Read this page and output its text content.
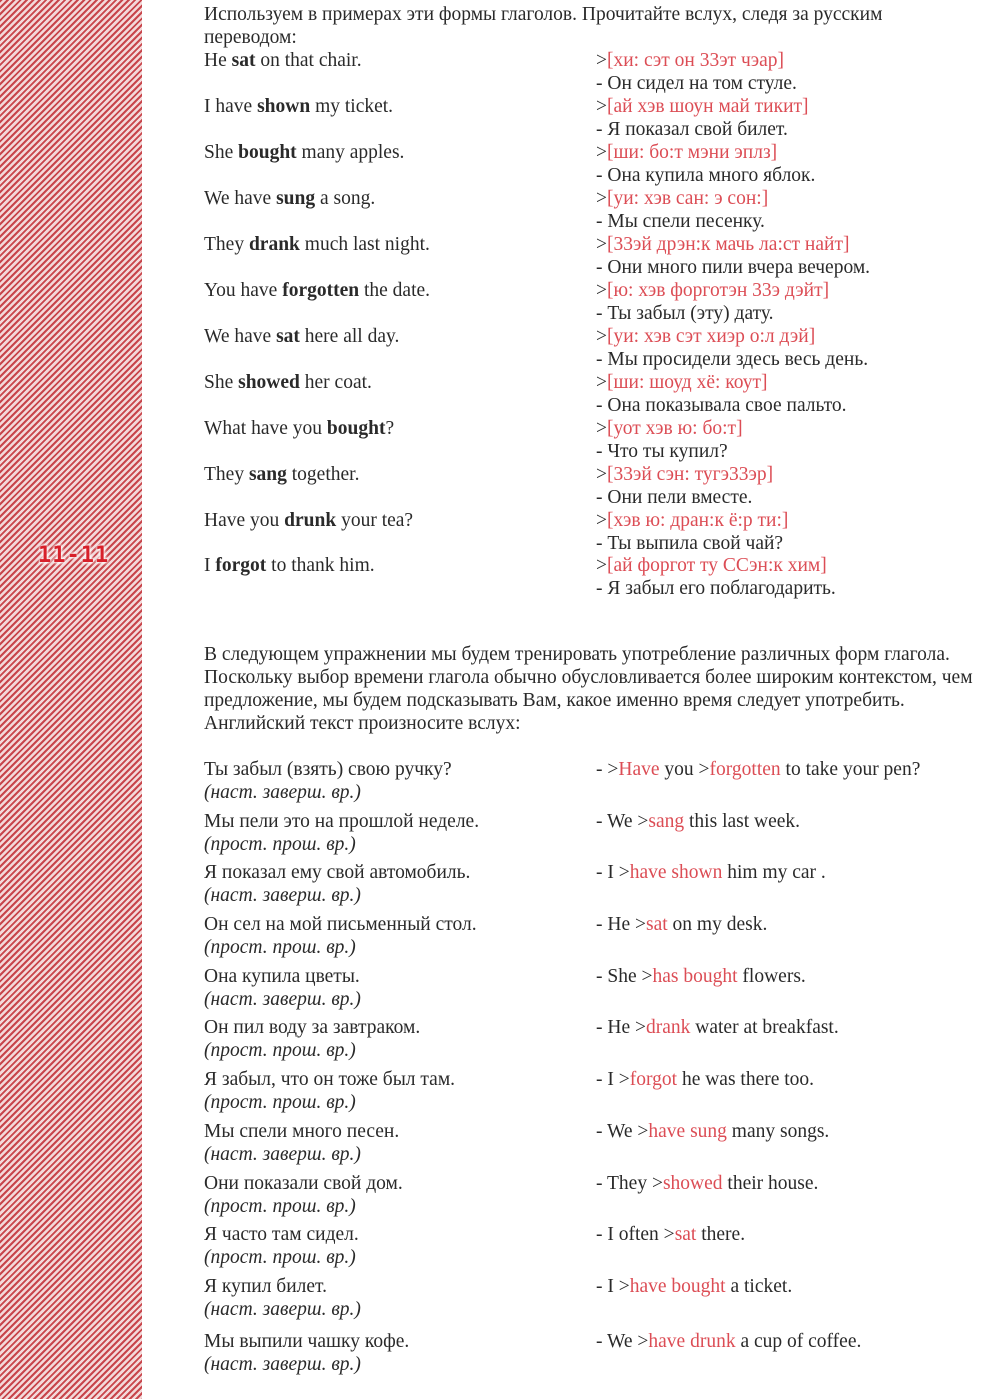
11-11

Используем в примерах эти формы глаголов. Прочитайте вслух, следя за русским переводом:

He sat on that chair.	>[хи: сэт он 33эт чэар]
- Он сидел на том стуле.
I have shown my ticket.	>[ай хэв шоун май тикит]
- Я показал свой билет.
She bought many apples.	>[ши: бо:т мэни эплз]
- Она купила много яблок.
We have sung a song.	>[уи: хэв сан: э сон:]
- Мы спели песенку.
They drank much last night.	>[33эй дрэн:к мачь ла:ст найт]
- Они много пили вчера вечером.
You have forgotten the date.	>[ю: хэв форготэн 33э дэйт]
- Ты забыл (эту) дату.
We have sat here all day.	>[уи: хэв сэт хиэр о:л дэй]
- Мы просидели здесь весь день.
She showed her coat.	>[ши: шоуд хё: коут]
- Она показывала свое пальто.
What have you bought?	>[уот хэв ю: бо:т]
- Что ты купил?
They sang together.	>[33эй сэн: тугэ33эр]
- Они пели вместе.
Have you drunk your tea?	>[хэв ю: дран:к ё:р ти:]
- Ты выпила свой чай?
I forgot to thank him.	>[ай форгот ту ССэн:к хим]
- Я забыл его поблагодарить.

В следующем упражнении мы будем тренировать употребление различных форм глагола. Поскольку выбор времени глагола обычно обусловливается более широким контекстом, чем предложение, мы будем подсказывать Вам, какое именно время следует употребить. Английский текст произносите вслух:

Ты забыл (взять) свою ручку?
(наст. заверш. вр.)
- >Have you >forgotten to take your pen?
Мы пели это на прошлой неделе.
(прост. прош. вр.)
- We >sang this last week.
Я показал ему свой автомобиль.
(наст. заверш. вр.)
- I >have shown him my car .
Он сел на мой письменный стол.
(прост. прош. вр.)
- He >sat on my desk.
Она купила цветы.
(наст. заверш. вр.)
- She >has bought flowers.
Он пил воду за завтраком.
(прост. прош. вр.)
- He >drank water at breakfast.
Я забыл, что он тоже был там.
(прост. прош. вр.)
- I >forgot he was there too.
Мы спели много песен.
(наст. заверш. вр.)
- We >have sung many songs.
Они показали свой дом.
(прост. прош. вр.)
- They >showed their house.
Я часто там сидел.
(прост. прош. вр.)
- I often >sat there.
Я купил билет.
(наст. заверш. вр.)
- I >have bought a ticket.
Мы выпили чашку кофе.
(наст. заверш. вр.)
- We >have drunk a cup of coffee.
